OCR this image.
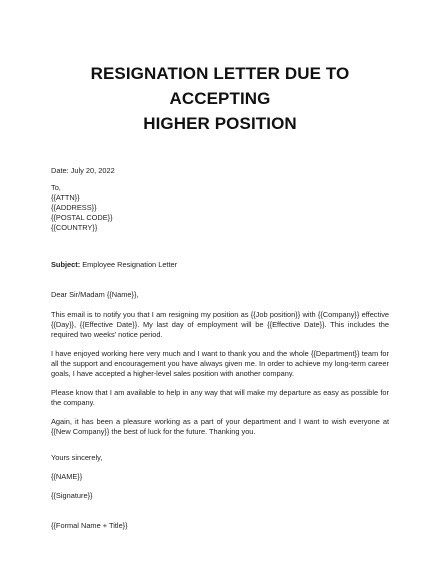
RESIGNATION LETTER DUE TO ACCEPTING
HIGHER POSITION
Date: July 20, 2022
To,
{{ATTN}}
{{ADDRESS}}
{{POSTAL CODE}}
{{COUNTRY}}
Subject: Employee Resignation Letter
Dear Sir/Madam {{Name}},
This email is to notify you that I am resigning my position as {{Job position}} with {{Company}} effective {{Day}}, {{Effective Date}}. My last day of employment will be {{Effective Date}}. This includes the required two weeks' notice period.
I have enjoyed working here very much and I want to thank you and the whole {{Department}} team for all the support and encouragement you have always given me. In order to achieve my long-term career goals, I have accepted a higher-level sales position with another company.
Please know that I am available to help in any way that will make my departure as easy as possible for the company.
Again, it has been a pleasure working as a part of your department and I want to wish everyone at {{New Company}} the best of luck for the future. Thanking you.
Yours sincerely,
{{NAME}}
{{Signature}}
{{Formal Name + Title}}
